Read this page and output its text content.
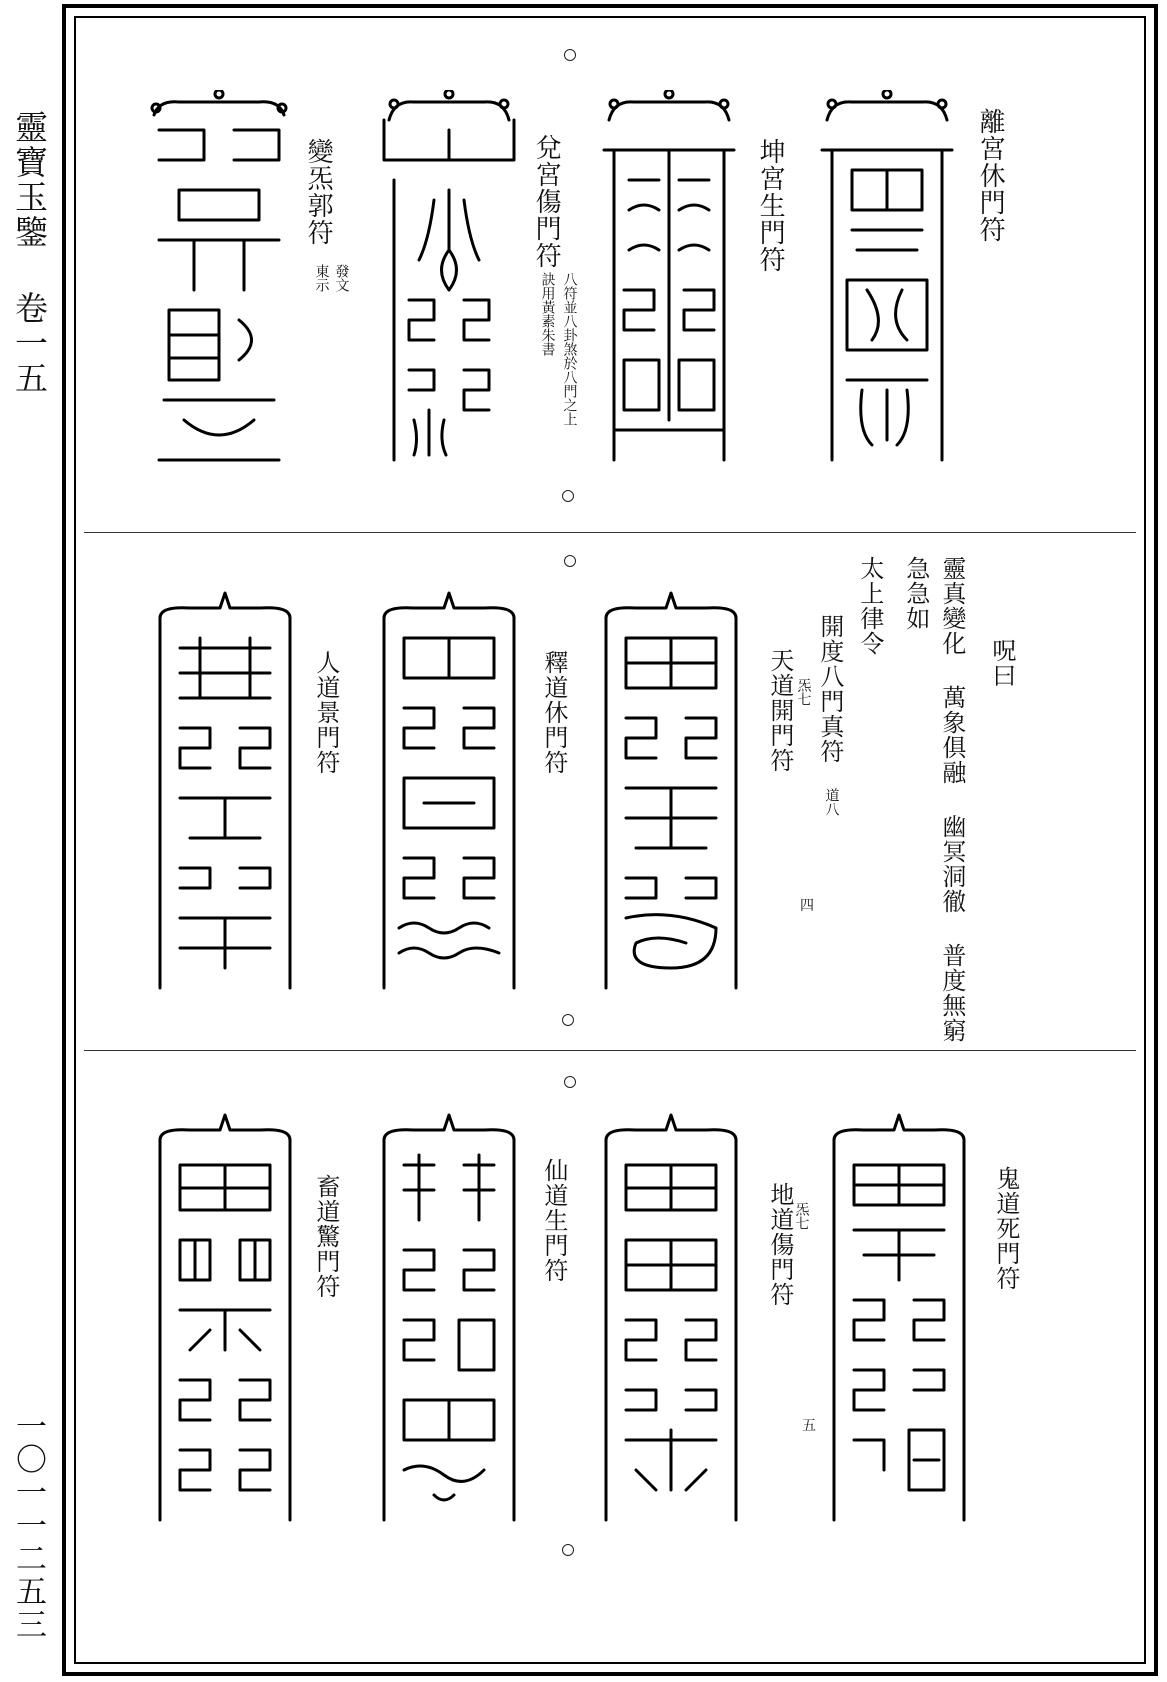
靈寶玉鑒 卷一五
一〇一一二五三
離宮休門符
坤宮生門符
兌宮傷門符
八符並八卦煞於八門之上
訣用黃素朱書
變炁郭符
發文
東示
呪曰
靈真變化 萬象俱融 幽冥洞徹 普度無窮
急急如
太上律令
開度八門真符
道八
四
天道開門符 炁七
釋道休門符
人道景門符
鬼道死門符
地道傷門符 炁七
五
仙道生門符
畜道驚門符
